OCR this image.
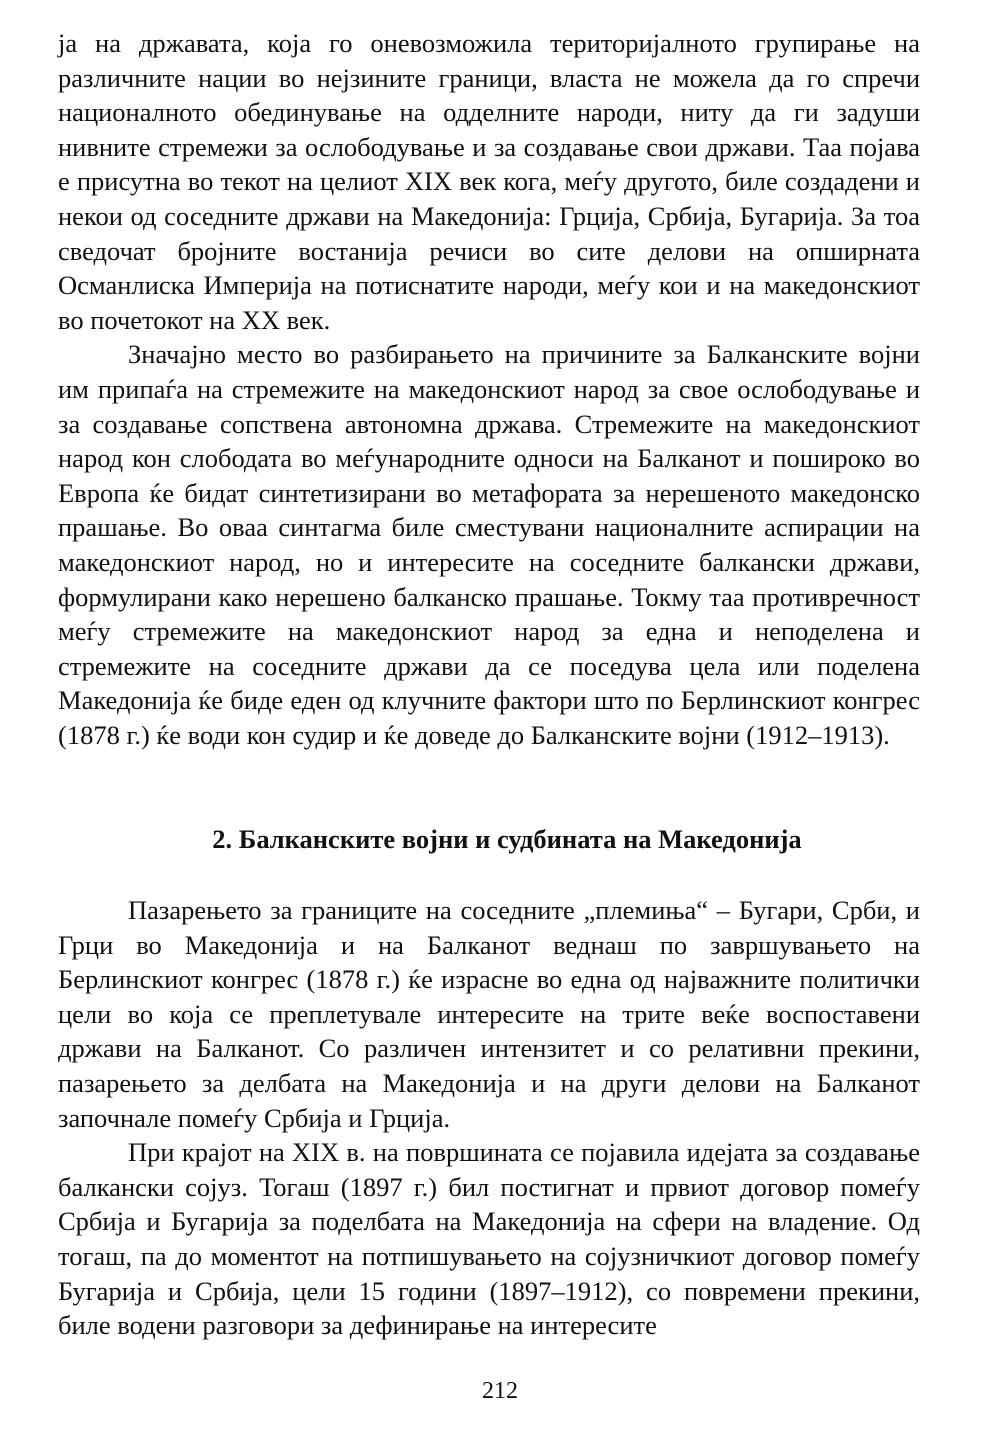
ја на државата, која го оневозможила територијалното групирање на различните нации во нејзините граници, власта не можела да го спречи националното обединување на одделните народи, ниту да ги задуши нивните стремежи за ослободување и за создавање свои држави. Таа појава е присутна во текот на целиот XIX век кога, меѓу другото, биле создадени и некои од соседните држави на Македонија: Грција, Србија, Бугарија. За тоа сведочат бројните востанија речиси во сите делови на опширната Османлиска Империја на потиснатите народи, меѓу кои и на македонскиот во почетокот на XX век.

Значајно место во разбирањето на причините за Балканските војни им припаѓа на стремежите на македонскиот народ за свое ослободување и за создавање сопствена автономна држава. Стремежите на македонскиот народ кон слободата во меѓународните односи на Балканот и пошироко во Европа ќе бидат синтетизирани во метафората за нерешеното македонско прашање. Во оваа синтагма биле сместувани националните аспирации на македонскиот народ, но и интересите на соседните балкански држави, формулирани како нерешено балканско прашање. Токму таа противречност меѓу стремежите на македонскиот народ за една и неподелена и стремежите на соседните држави да се поседува цела или поделена Македонија ќе биде еден од клучните фактори што по Берлинскиот конгрес (1878 г.) ќе води кон судир и ќе доведе до Балканските војни (1912–1913).

2. Балканските војни и судбината на Македонија

Пазарењето за границите на соседните „племиња“ – Бугари, Срби, и Грци во Македонија и на Балканот веднаш по завршувањето на Берлинскиот конгрес (1878 г.) ќе израсне во една од најважните политички цели во која се преплетувале интересите на трите веќе воспоставени држави на Балканот. Со различен интензитет и со релативни прекини, пазарењето за делбата на Македонија и на други делови на Балканот започнале помеѓу Србија и Грција.

При крајот на XIX в. на површината се појавила идејата за создавање балкански сојуз. Тогаш (1897 г.) бил постигнат и првиот договор помеѓу Србија и Бугарија за поделбата на Македонија на сфери на владение. Од тогаш, па до моментот на потпишувањето на сојузничкиот договор помеѓу Бугарија и Србија, цели 15 години (1897–1912), со повремени прекини, биле водени разговори за дефинирање на интересите

212
